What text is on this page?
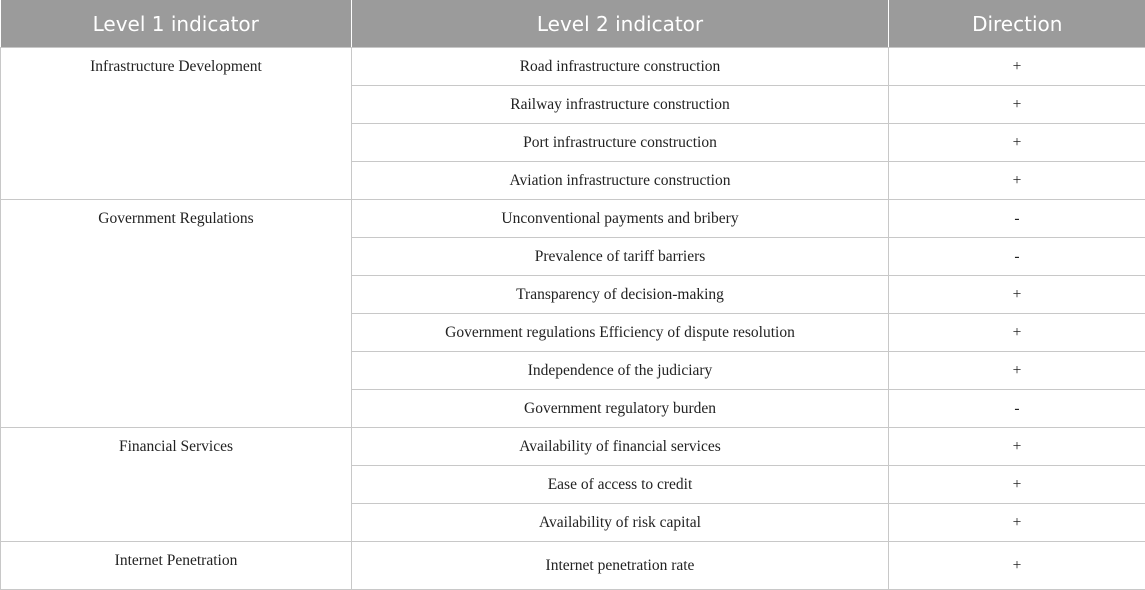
Level 1 indicator	Level 2 indicator	Direction
Infrastructure Development	Road infrastructure construction	+
	Railway infrastructure construction	+
	Port infrastructure construction	+
	Aviation infrastructure construction	+
Government Regulations	Unconventional payments and bribery	-
	Prevalence of tariff barriers	-
	Transparency of decision-making	+
	Government regulations Efficiency of dispute resolution	+
	Independence of the judiciary	+
	Government regulatory burden	-
Financial Services	Availability of financial services	+
	Ease of access to credit	+
	Availability of risk capital	+
Internet Penetration	Internet penetration rate	+
